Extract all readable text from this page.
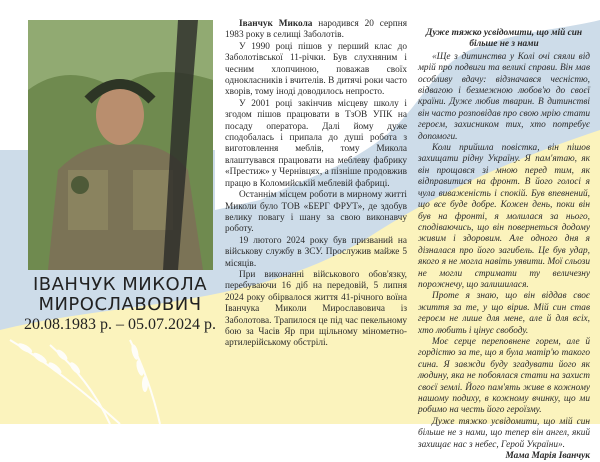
ІВАНЧУК МИКОЛА
МИРОСЛАВОВИЧ
20.08.1983 р. – 05.07.2024 р.

Іванчук Микола народився 20 серпня 1983 року в селищі Заболотів.

У 1990 році пішов у перший клас до Заболотівської 11-річки. Був слухняним і чесним хлопчиною, поважав своїх однокласників і вчителів. В дитячі роки часто хворів, тому іноді доводилось непросто.

У 2001 році закінчив місцеву школу і згодом пішов працювати в ТзОВ УПК на посаду оператора. Далі йому дуже сподобалась і припала до душі робота з виготовлення меблів, тому Микола влаштувався працювати на меблеву фабрику «Престиж» у Чернівцях, а пізніше продовжив працю в Коломийській меблевій фабриці.

Останнім місцем роботи в мирному житті Миколи було ТОВ «БЕРГ ФРУТ», де здобув велику повагу і шану за свою виконавчу роботу.

19 лютого 2024 року був призваний на військову службу в ЗСУ. Прослужив майже 5 місяців.

При виконанні військового обов'язку, перебуваючи 16 діб на передовій, 5 липня 2024 року обірвалося життя 41-річного воїна Іванчука Миколи Мирославовича із Заболотова. Трапилося це під час пекельному бою за Часів Яр при щільному мінометно-артилерійському обстрілі.

Дуже тяжко усвідомити, що мій син більше не з нами

«Ще з дитинства у Колі очі сяяли від мрій про подвиги та великі справи. Він мав особливу вдачу: відзначався чесністю, відвагою і безмежною любов'ю до своєї країни. Дуже любив тварин. В дитинстві він часто розповідав про свою мрію стати героєм, захисником тих, хто потребує допомоги.

Коли прийшла повістка, він пішов захищати рідну Україну. Я пам'ятаю, як він прощався зі мною перед тим, як відправитися на фронт. В його голосі я чула виваженість і спокій. Був впевнений, що все буде добре. Кожен день, поки він був на фронті, я молилася за нього, сподіваючись, що він повернеться додому живим і здоровим. Але одного дня я дізналася про його загибель. Це був удар, якого я не могла навіть уявити. Мої сльози не могли стримати ту величезну порожнечу, що залишилася.

Проте я знаю, що він віддав своє життя за те, у що вірив. Мій син став героєм не лише для мене, але й для всіх, хто любить і цінує свободу.

Моє серце переповнене горем, але й гордістю за те, що я була матір'ю такого сина. Я завжди буду згадувати його як людину, яка не побоялася стати на захист своєї землі. Його пам'ять живе в кожному нашому подиху, в кожному вчинку, що ми робимо на честь його героїзму.

Дуже тяжко усвідомити, що мій син більше не з нами, що тепер він ангел, який захищає нас з небес, Герой України».

Мама Марія Іванчук
